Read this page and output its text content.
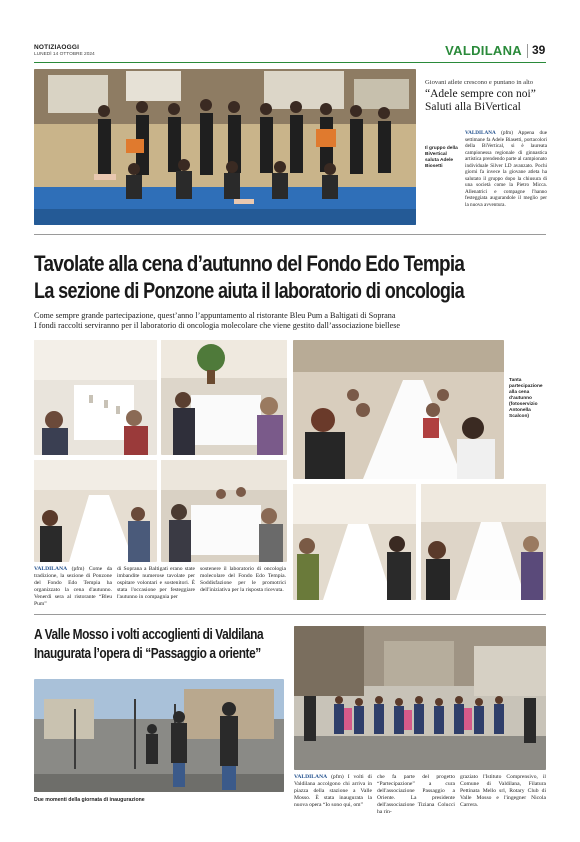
NOTIZIAOGGI
LUNEDÌ 14 OTTOBRE 2024	VALDILANA 39
Giovani atlete crescono e puntano in alto
“Adele sempre con noi”
Saluti alla BiVertical
Il gruppo della BiVertical saluta Adele Biosetti
VALDILANA (pfm) Appena due settimane fa Adele Biasetti, portacolori della BiVertical, si è laureata campionessa regionale di ginnastica artistica prendendo parte al campionato individuale Silver LD avanzato. Pochi giorni fa invece la giovane atleta ha salutato il gruppo dopo la chiusura di una società come la Pietro Micca. Allenatrici e compagne l'hanno festeggiata augurandole il meglio per la nuova avventura.
Tavolate alla cena d’autunno del Fondo Edo Tempia
La sezione di Ponzone aiuta il laboratorio di oncologia
Come sempre grande partecipazione, quest’anno l’appuntamento al ristorante Bleu Pum a Baltigati di Soprana
I fondi raccolti serviranno per il laboratorio di oncologia molecolare che viene gestito dall’associazione biellese
Tanta partecipazione alla cena d'autunno (fotoservizio Antonella Scalcon)
VALDILANA (pfm) Come da tradizione, la sezione di Ponzone del Fondo Edo Tempia ha organizzato la cena d'autunno. Venerdì sera al ristorante “Bleu Pum”
di Soprana a Baltigati erano state imbandite numerose tavolate per ospitare volontari e sostenitori. È stata l'occasione per festeggiare l'autunno in compagnia per
sostenere il laboratorio di oncologia molecolare del Fondo Edo Tempia. Soddisfazione per le promotrici dell'iniziativa per la risposta ricevuta.
A Valle Mosso i volti accoglienti di Valdilana
Inaugurata l’opera di “Passaggio a oriente”
Due momenti della giornata di inaugurazione
VALDILANA (pfm) I volti di Valdilana accolgono chi arriva in piazza della stazione a Valle Mosso. È stata inaugurata la nuova opera “Io sono qui, om”
che fa parte del progetto “Partecipazione” a cura dell'associazione Passaggio a Oriente. La presidente dell'associazione Tiziana Colucci ha rin-
graziato l'Istituto Comprensivo, il Comune di Valdilana, Filatura Pettinata Mello srl, Rotary Club di Valle Mosso e l'ingegner Nicola Carrera.
